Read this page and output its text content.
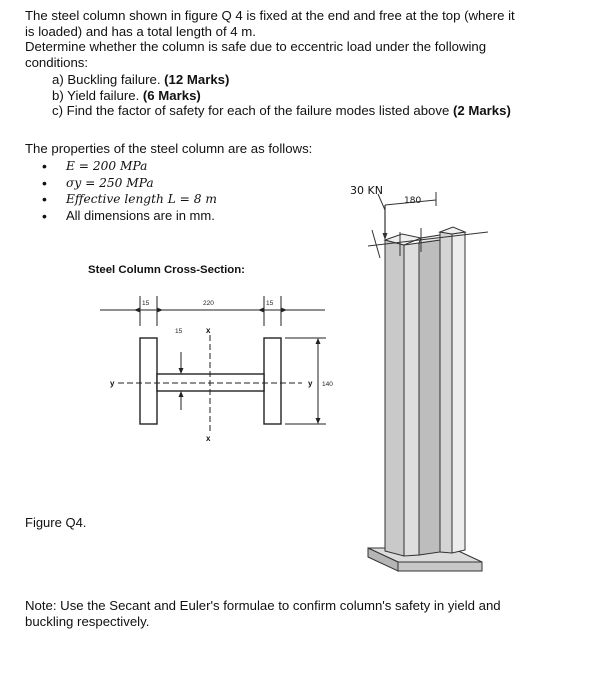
The steel column shown in figure Q 4 is fixed at the end and free at the top (where it

is loaded) and has a total length of 4 m.

Determine whether the column is safe due to eccentric load under the following

conditions:

a) Buckling failure. (12 Marks)
b) Yield failure. (6 Marks)
c) Find the factor of safety for each of the failure modes listed above (2 Marks)
The properties of the steel column are as follows:
• E = 200 MPa
• σy = 250 MPa
• Effective length L = 8 m
• All dimensions are in mm.
Steel Column Cross-Section:
15	220	15
15
140
x
x
y	y
30 KN
180
Figure Q4.
Note: Use the Secant and Euler's formulae to confirm column's safety in yield and
buckling respectively.
